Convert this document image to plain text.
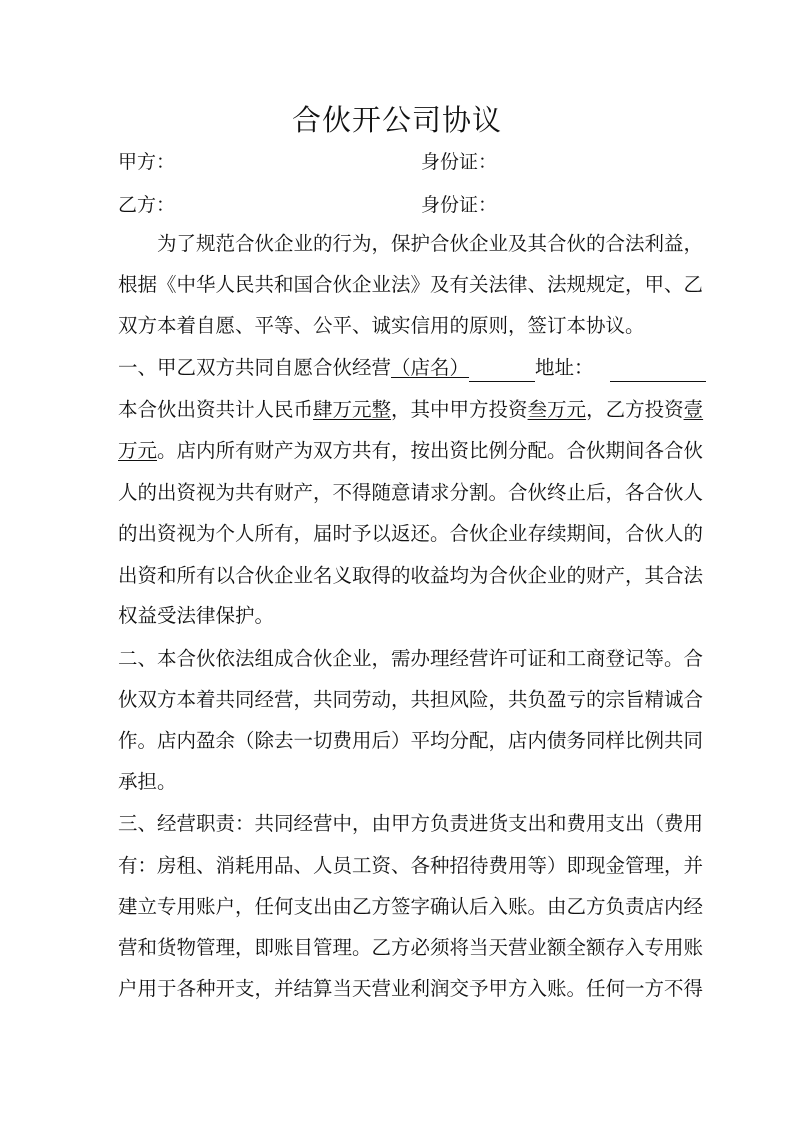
合伙开公司协议
甲方：	身份证：
乙方：	身份证：
　　为了规范合伙企业的行为，保护合伙企业及其合伙的合法利益，
根据《中华人民共和国合伙企业法》及有关法律、法规规定，甲、乙
双方本着自愿、平等、公平、诚实信用的原则，签订本协议。
一、甲乙双方共同自愿合伙经营（店名）	地址：
本合伙出资共计人民币肆万元整，其中甲方投资叁万元，乙方投资壹
万元。店内所有财产为双方共有，按出资比例分配。合伙期间各合伙
人的出资视为共有财产，不得随意请求分割。合伙终止后，各合伙人
的出资视为个人所有，届时予以返还。合伙企业存续期间，合伙人的
出资和所有以合伙企业名义取得的收益均为合伙企业的财产，其合法
权益受法律保护。
二、本合伙依法组成合伙企业，需办理经营许可证和工商登记等。合
伙双方本着共同经营，共同劳动，共担风险，共负盈亏的宗旨精诚合
作。店内盈余（除去一切费用后）平均分配，店内债务同样比例共同
承担。
三、经营职责：共同经营中，由甲方负责进货支出和费用支出（费用
有：房租、消耗用品、人员工资、各种招待费用等）即现金管理，并
建立专用账户，任何支出由乙方签字确认后入账。由乙方负责店内经
营和货物管理，即账目管理。乙方必须将当天营业额全额存入专用账
户用于各种开支，并结算当天营业利润交予甲方入账。任何一方不得
